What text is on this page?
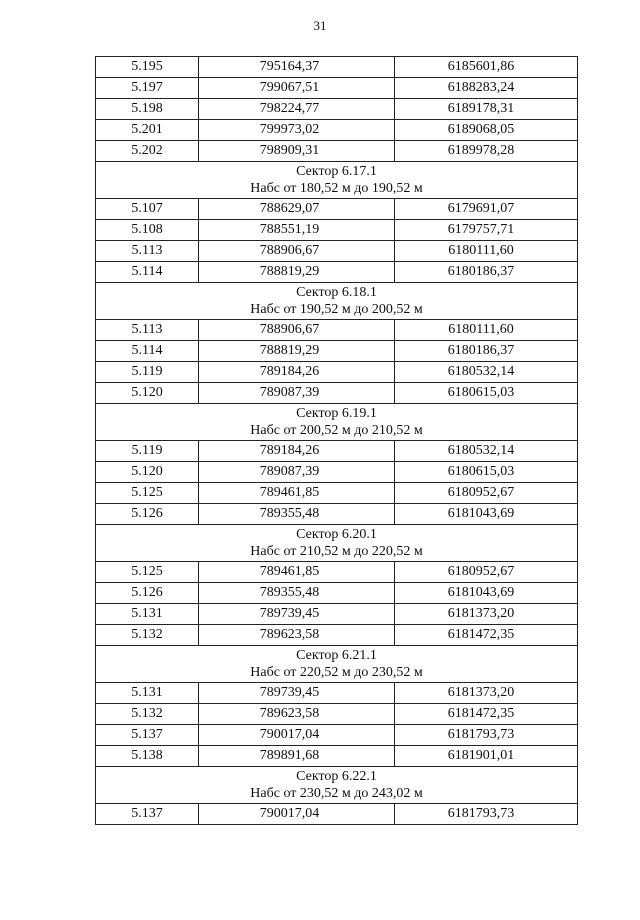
31
5.195	795164,37	6185601,86
5.197	799067,51	6188283,24
5.198	798224,77	6189178,31
5.201	799973,02	6189068,05
5.202	798909,31	6189978,28

Сектор 6.17.1
Набс от 180,52 м до 190,52 м		

5.107	788629,07	6179691,07
5.108	788551,19	6179757,71
5.113	788906,67	6180111,60
5.114	788819,29	6180186,37

Сектор 6.18.1
Набс от 190,52 м до 200,52 м		

5.113	788906,67	6180111,60
5.114	788819,29	6180186,37
5.119	789184,26	6180532,14
5.120	789087,39	6180615,03

Сектор 6.19.1
Набс от 200,52 м до 210,52 м		

5.119	789184,26	6180532,14
5.120	789087,39	6180615,03
5.125	789461,85	6180952,67
5.126	789355,48	6181043,69

Сектор 6.20.1
Набс от 210,52 м до 220,52 м		

5.125	789461,85	6180952,67
5.126	789355,48	6181043,69
5.131	789739,45	6181373,20
5.132	789623,58	6181472,35

Сектор 6.21.1
Набс от 220,52 м до 230,52 м		

5.131	789739,45	6181373,20
5.132	789623,58	6181472,35
5.137	790017,04	6181793,73
5.138	789891,68	6181901,01

Сектор 6.22.1
Набс от 230,52 м до 243,02 м		

5.137	790017,04	6181793,73
